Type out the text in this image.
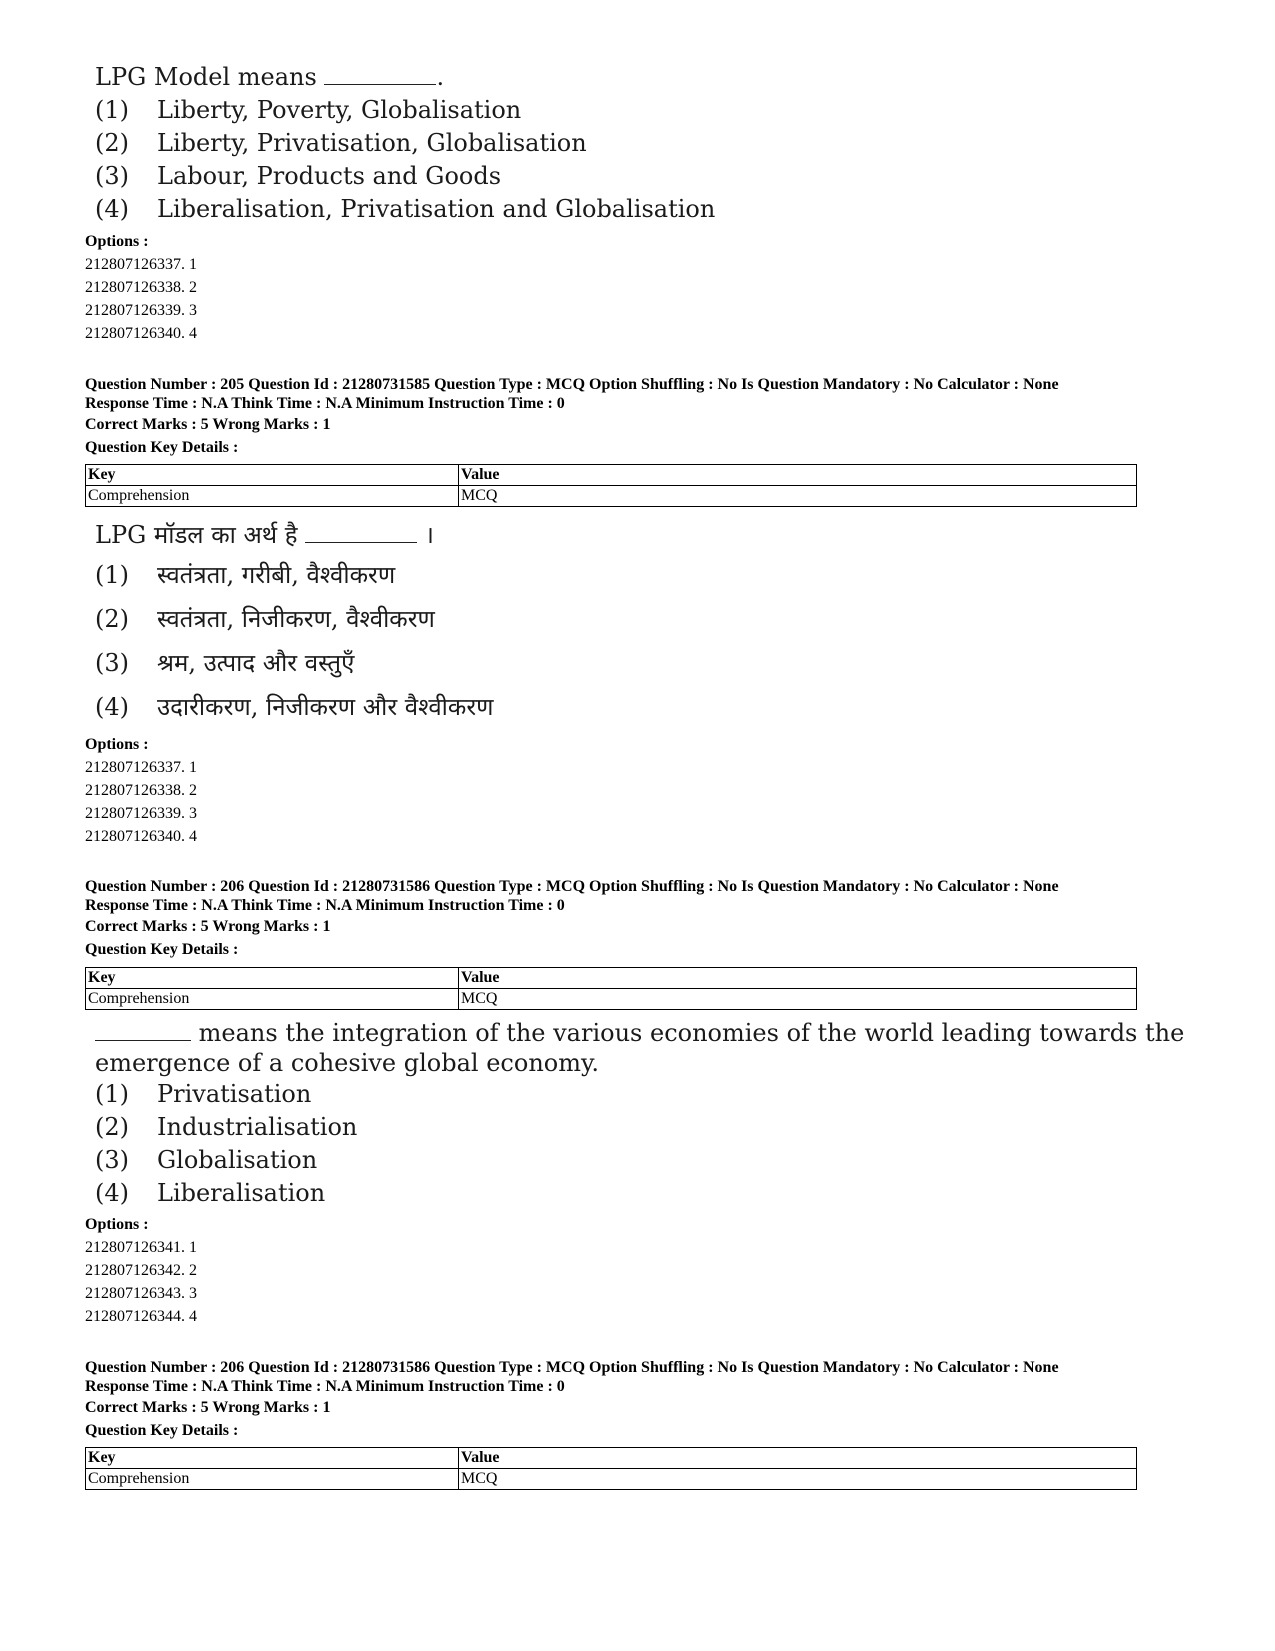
LPG Model means	.
(1)	Liberty, Poverty, Globalisation
(2)	Liberty, Privatisation, Globalisation
(3)	Labour, Products and Goods
(4)	Liberalisation, Privatisation and Globalisation
Options :
212807126337. 1
212807126338. 2
212807126339. 3
212807126340. 4
Question Number : 205 Question Id : 21280731585 Question Type : MCQ Option Shuffling : No Is Question Mandatory : No Calculator : None
Response Time : N.A Think Time : N.A Minimum Instruction Time : 0
Correct Marks : 5 Wrong Marks : 1
Question Key Details :
Key	Value
Comprehension	MCQ
LPG मॉडल का अर्थ है	।
(1)	स्वतंत्रता, गरीबी, वैश्वीकरण
(2)	स्वतंत्रता, निजीकरण, वैश्वीकरण
(3)	श्रम, उत्पाद और वस्तुएँ
(4)	उदारीकरण, निजीकरण और वैश्वीकरण
Options :
212807126337. 1
212807126338. 2
212807126339. 3
212807126340. 4
Question Number : 206 Question Id : 21280731586 Question Type : MCQ Option Shuffling : No Is Question Mandatory : No Calculator : None
Response Time : N.A Think Time : N.A Minimum Instruction Time : 0
Correct Marks : 5 Wrong Marks : 1
Question Key Details :
Key	Value
Comprehension	MCQ
means the integration of the various economies of the world leading towards the emergence of a cohesive global economy.
(1)	Privatisation
(2)	Industrialisation
(3)	Globalisation
(4)	Liberalisation
Options :
212807126341. 1
212807126342. 2
212807126343. 3
212807126344. 4
Question Number : 206 Question Id : 21280731586 Question Type : MCQ Option Shuffling : No Is Question Mandatory : No Calculator : None
Response Time : N.A Think Time : N.A Minimum Instruction Time : 0
Correct Marks : 5 Wrong Marks : 1
Question Key Details :
Key	Value
Comprehension	MCQ
